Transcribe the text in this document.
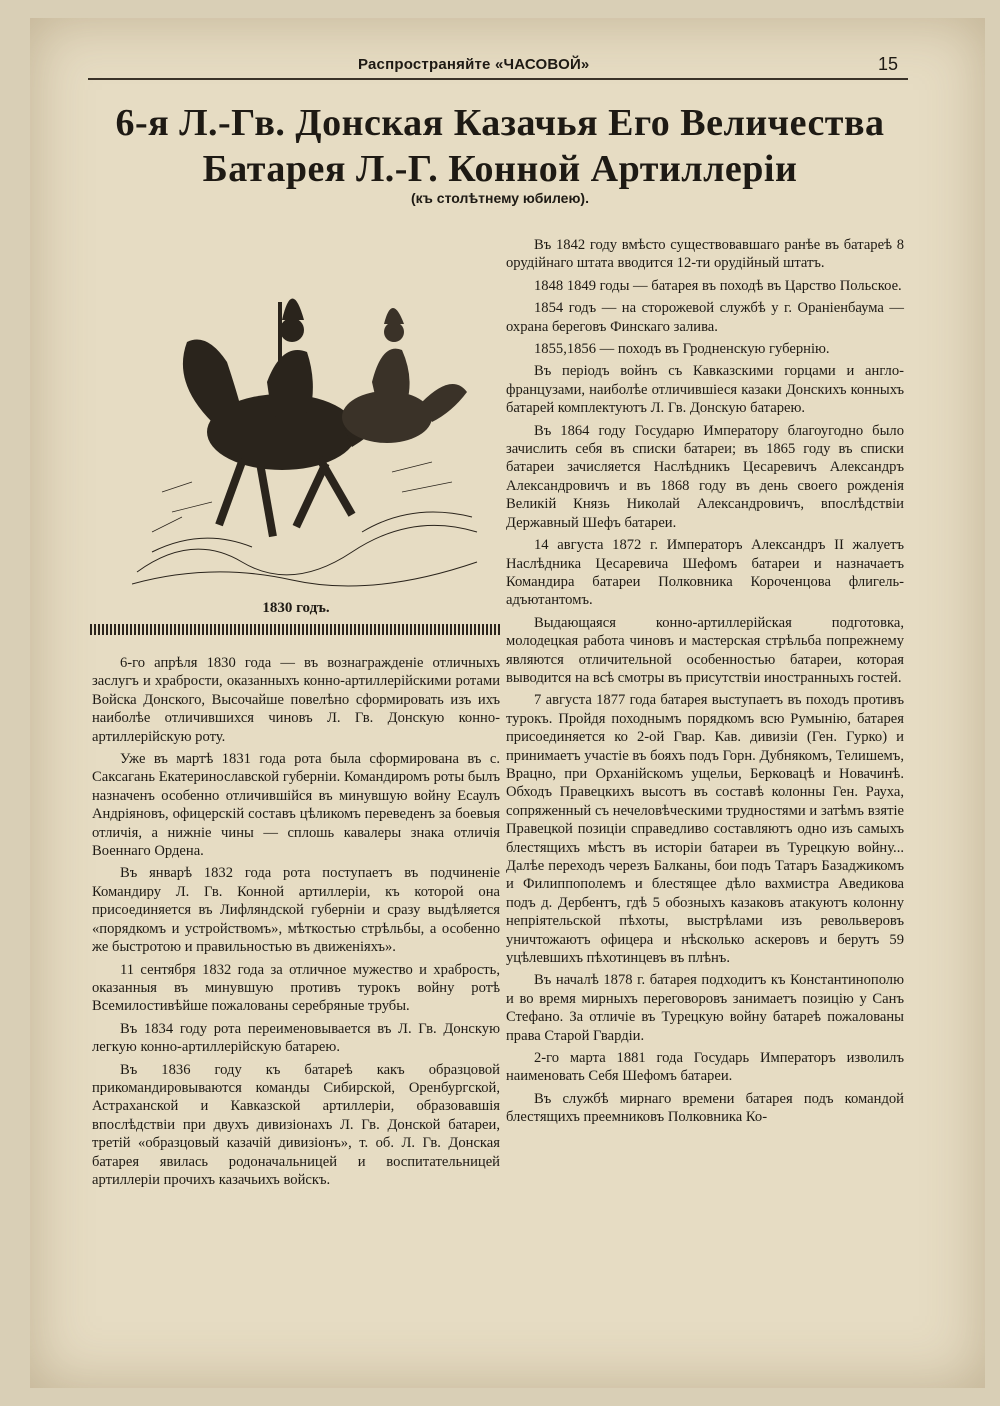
Распространяйте «ЧАСОВОЙ»	15
6-я Л.-Гв. Донская Казачья Его Величества
Батарея Л.-Г. Конной Артиллеріи
(къ столѣтнему юбилею).
1830 годъ.

6-го апрѣля 1830 года — въ вознагражденіе отличныхъ заслугъ и храбрости, оказанныхъ конно-артиллерійскими ротами Войска Донского, Высочайше повелѣно сформировать изъ ихъ наиболѣе отличившихся чиновъ Л. Гв. Донскую конно-артиллерійскую роту.

Уже въ мартѣ 1831 года рота была сформирована въ с. Саксагань Екатеринославской губерніи. Командиромъ роты былъ назначенъ особенно отличившійся въ минувшую войну Есаулъ Андріяновъ, офицерскій составъ цѣликомъ переведенъ за боевыя отличія, а нижніе чины — сплошь кавалеры знака отличія Военнаго Ордена.

Въ январѣ 1832 года рота поступаетъ въ подчиненіе Командиру Л. Гв. Конной артиллеріи, къ которой она присоединяется въ Лифляндской губерніи и сразу выдѣляется «порядкомъ и устройствомъ», мѣткостью стрѣльбы, а особенно же быстротою и правильностью въ движеніяхъ».

11 сентября 1832 года за отличное мужество и храбрость, оказанныя въ минувшую противъ турокъ войну ротѣ Всемилостивѣйше пожалованы серебряные трубы.

Въ 1834 году рота переименовывается въ Л. Гв. Донскую легкую конно-артиллерійскую батарею.

Въ 1836 году къ батареѣ какъ образцовой прикомандировываются команды Сибирской, Оренбургской, Астраханской и Кавказской артиллеріи, образовавшія впослѣдствіи при двухъ дивизіонахъ Л. Гв. Донской батареи, третій «образцовый казачій дивизіонъ», т. об. Л. Гв. Донская батарея явилась родоначальницей и воспитательницей артиллеріи прочихъ казачьихъ войскъ.

Въ 1842 году вмѣсто существовавшаго ранѣе въ батареѣ 8 орудійнаго штата вводится 12-ти орудійный штатъ.

1848 1849 годы — батарея въ походѣ въ Царство Польское.

1854 годъ — на сторожевой службѣ у г. Ораніенбаума — охрана береговъ Финскаго залива.

1855,1856 — походъ въ Гродненскую губернію.

Въ періодъ войнъ съ Кавказскими горцами и англо-французами, наиболѣе отличившіеся казаки Донскихъ конныхъ батарей комплектуютъ Л. Гв. Донскую батарею.

Въ 1864 году Государю Императору благоугодно было зачислить себя въ списки батареи; въ 1865 году въ списки батареи зачисляется Наслѣдникъ Цесаревичъ Александръ Александровичъ и въ 1868 году въ день своего рожденія Великій Князь Николай Александровичъ, впослѣдствіи Державный Шефъ батареи.

14 августа 1872 г. Императоръ Александръ II жалуетъ Наслѣдника Цесаревича Шефомъ батареи и назначаетъ Командира батареи Полковника Короченцова флигель-адъютантомъ.

Выдающаяся конно-артиллерійская подготовка, молодецкая работа чиновъ и мастерская стрѣльба попрежнему являются отличительной особенностью батареи, которая выводится на всѣ смотры въ присутствіи иностранныхъ гостей.

7 августа 1877 года батарея выступаетъ въ походъ противъ турокъ. Пройдя походнымъ порядкомъ всю Румынію, батарея присоединяется ко 2-ой Гвар. Кав. дивизіи (Ген. Гурко) и принимаетъ участіе въ бояхъ подъ Горн. Дубнякомъ, Телишемъ, Врацно, при Орханійскомъ ущельи, Берковацѣ и Новачинѣ. Обходъ Правецкихъ высотъ въ составѣ колонны Ген. Рауха, сопряженный съ нечеловѣческими трудностями и затѣмъ взятіе Правецкой позиціи справедливо составляютъ одно изъ самыхъ блестящихъ мѣстъ въ исторіи батареи въ Турецкую войну... Далѣе переходъ черезъ Балканы, бои подъ Татаръ Базаджикомъ и Филиппополемъ и блестящее дѣло вахмистра Аведикова подъ д. Дербентъ, гдѣ 5 обозныхъ казаковъ атакуютъ колонну непріятельской пѣхоты, выстрѣлами изъ револьверовъ уничтожаютъ офицера и нѣсколько аскеровъ и берутъ 59 уцѣлевшихъ пѣхотинцевъ въ плѣнъ.

Въ началѣ 1878 г. батарея подходитъ къ Константинополю и во время мирныхъ переговоровъ занимаетъ позицію у Санъ Стефано. За отличіе въ Турецкую войну батареѣ пожалованы права Старой Гвардіи.

2-го марта 1881 года Государь Императоръ изволилъ наименовать Себя Шефомъ батареи.

Въ службѣ мирнаго времени батарея подъ командой блестящихъ преемниковъ Полковника Ко-
